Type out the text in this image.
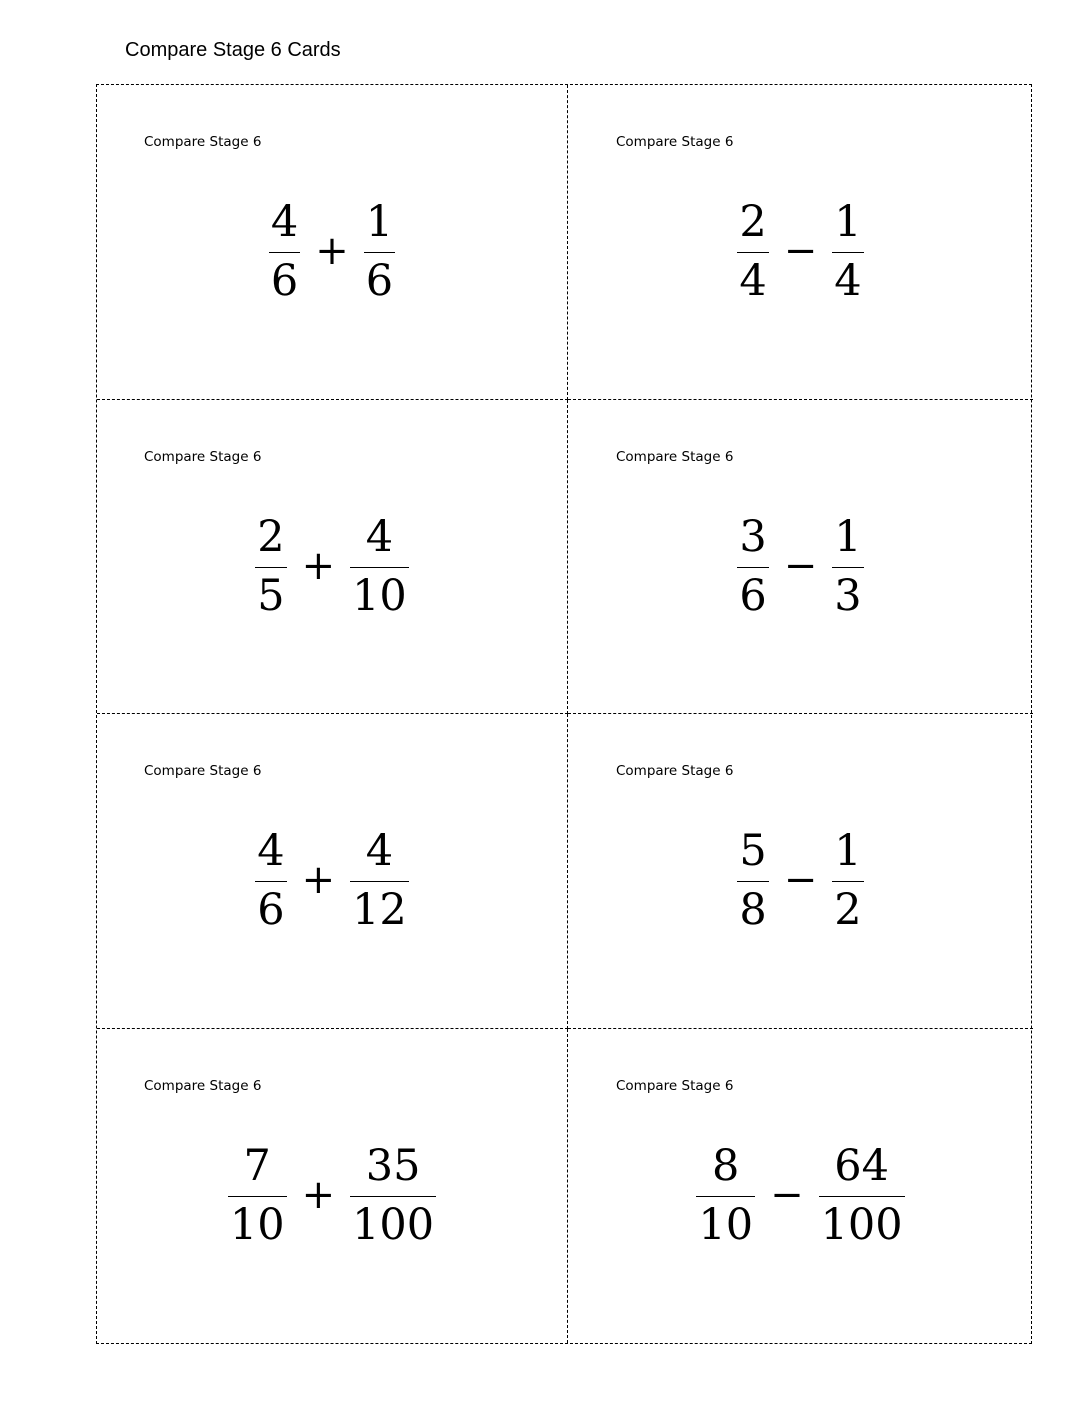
Compare Stage 6 Cards
Compare Stage 6
$\frac{4}{6} + \frac{1}{6}$
Compare Stage 6
$\frac{2}{4} - \frac{1}{4}$
Compare Stage 6
$\frac{2}{5} + \frac{4}{10}$
Compare Stage 6
$\frac{3}{6} - \frac{1}{3}$
Compare Stage 6
$\frac{4}{6} + \frac{4}{12}$
Compare Stage 6
$\frac{5}{8} - \frac{1}{2}$
Compare Stage 6
$\frac{7}{10} + \frac{35}{100}$
Compare Stage 6
$\frac{8}{10} - \frac{64}{100}$
